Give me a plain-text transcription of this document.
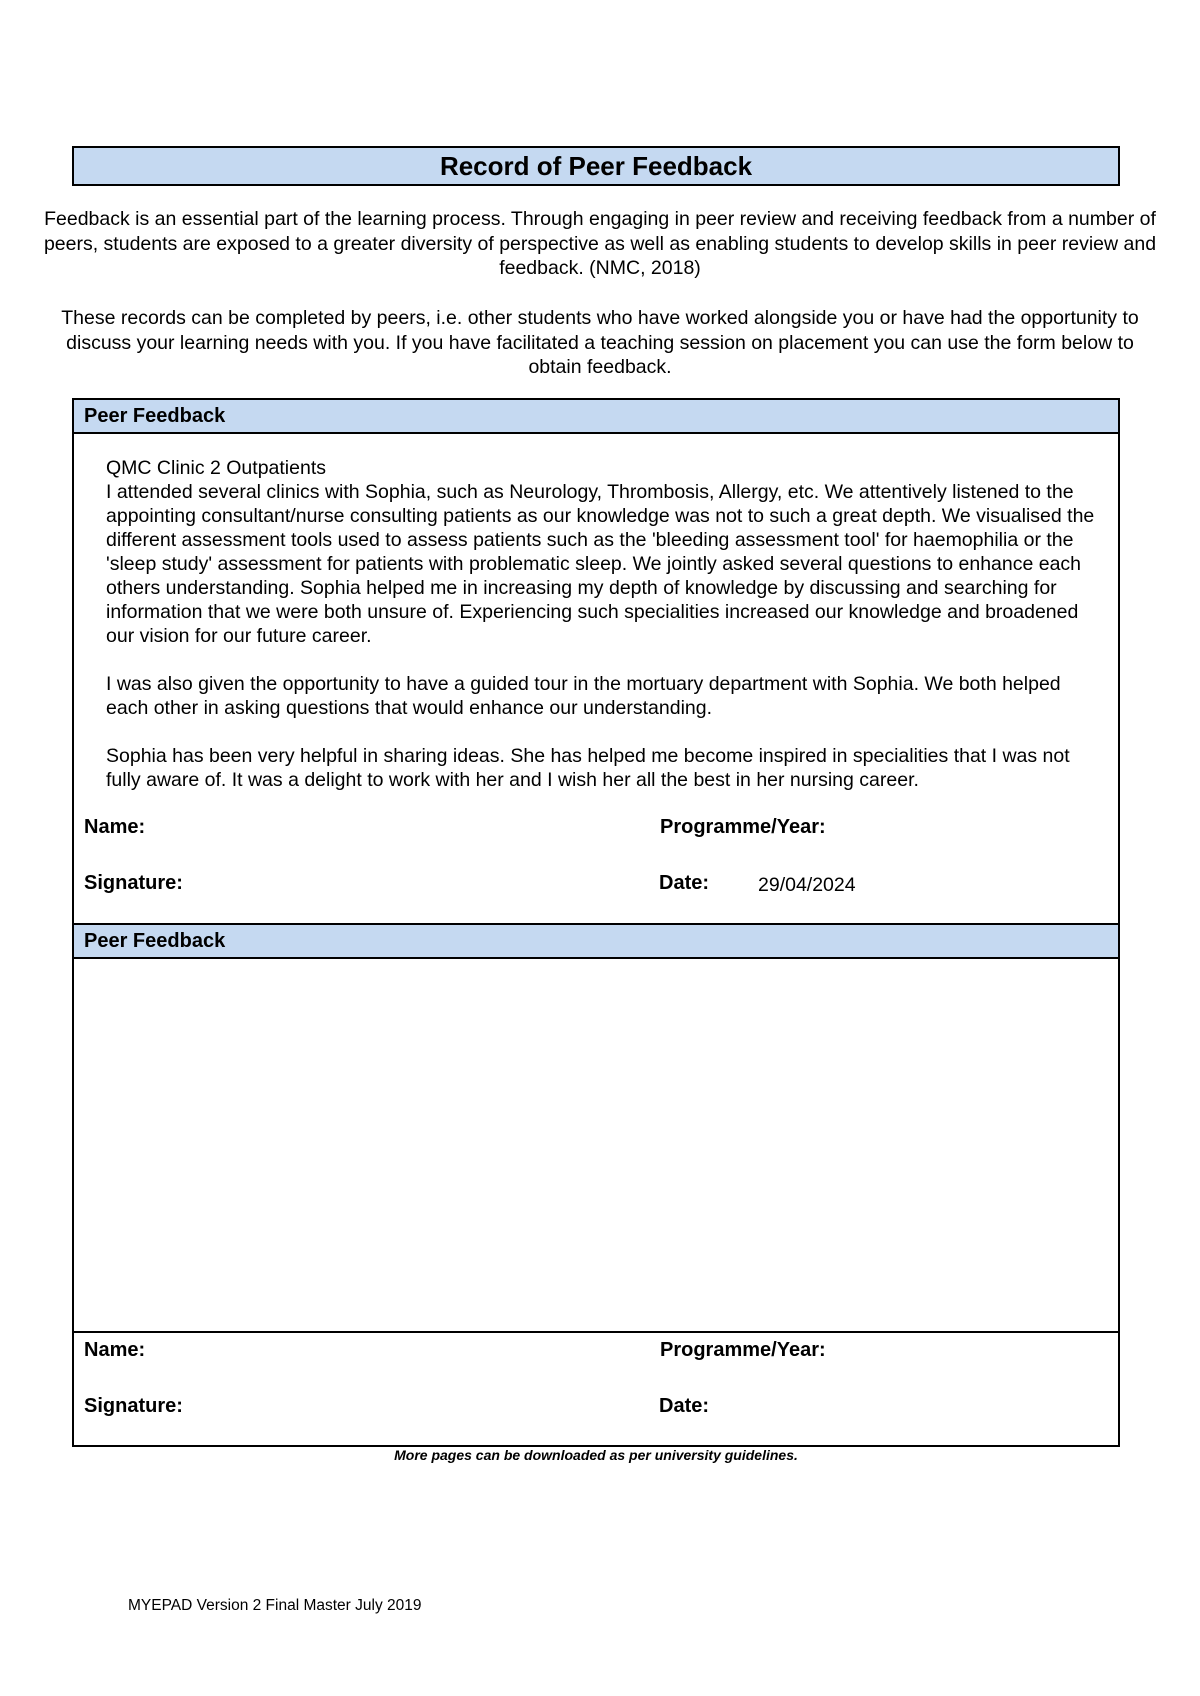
Record of Peer Feedback

Feedback is an essential part of the learning process. Through engaging in peer review and receiving feedback from a number of peers, students are exposed to a greater diversity of perspective as well as enabling students to develop skills in peer review and feedback. (NMC, 2018)

These records can be completed by peers, i.e. other students who have worked alongside you or have had the opportunity to discuss your learning needs with you. If you have facilitated a teaching session on placement you can use the form below to obtain feedback.

Peer Feedback

QMC Clinic 2 Outpatients

I attended several clinics with Sophia, such as Neurology, Thrombosis, Allergy, etc. We attentively listened to the appointing consultant/nurse consulting patients as our knowledge was not to such a great depth. We visualised the different assessment tools used to assess patients such as the 'bleeding assessment tool' for haemophilia or the 'sleep study' assessment for patients with problematic sleep. We jointly asked several questions to enhance each others understanding. Sophia helped me in increasing my depth of knowledge by discussing and searching for information that we were both unsure of. Experiencing such specialities increased our knowledge and broadened our vision for our future career.

I was also given the opportunity to have a guided tour in the mortuary department with Sophia. We both helped each other in asking questions that would enhance our understanding.

Sophia has been very helpful in sharing ideas. She has helped me become inspired in specialities that I was not fully aware of. It was a delight to work with her and I wish her all the best in her nursing career.

Name:	Programme/Year:
Signature:	Date:	29/04/2024
Peer Feedback
Name:	Programme/Year:
Signature:	Date:
More pages can be downloaded as per university guidelines.
MYEPAD Version 2 Final Master July 2019
